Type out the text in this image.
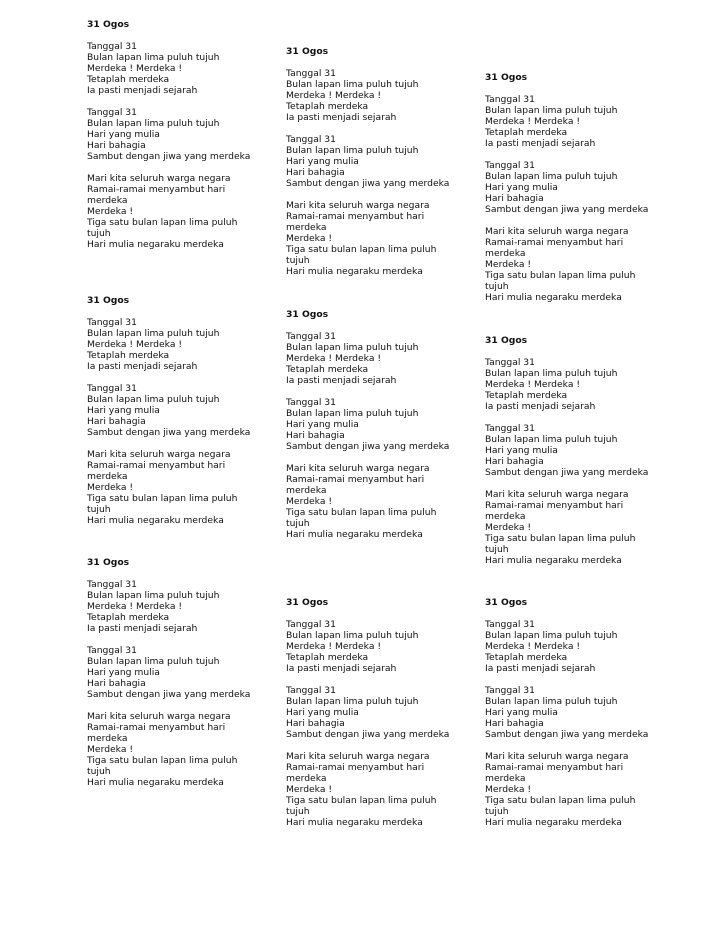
31 Ogos
Tanggal 31
Bulan lapan lima puluh tujuh
Merdeka ! Merdeka !
Tetaplah merdeka
Ia pasti menjadi sejarah
Tanggal 31
Bulan lapan lima puluh tujuh
Hari yang mulia
Hari bahagia
Sambut dengan jiwa yang merdeka
Mari kita seluruh warga negara
Ramai-ramai menyambut hari
merdeka
Merdeka !
Tiga satu bulan lapan lima puluh
tujuh
Hari mulia negaraku merdeka
31 Ogos
Tanggal 31
Bulan lapan lima puluh tujuh
Merdeka ! Merdeka !
Tetaplah merdeka
Ia pasti menjadi sejarah
Tanggal 31
Bulan lapan lima puluh tujuh
Hari yang mulia
Hari bahagia
Sambut dengan jiwa yang merdeka
Mari kita seluruh warga negara
Ramai-ramai menyambut hari
merdeka
Merdeka !
Tiga satu bulan lapan lima puluh
tujuh
Hari mulia negaraku merdeka
31 Ogos
Tanggal 31
Bulan lapan lima puluh tujuh
Merdeka ! Merdeka !
Tetaplah merdeka
Ia pasti menjadi sejarah
Tanggal 31
Bulan lapan lima puluh tujuh
Hari yang mulia
Hari bahagia
Sambut dengan jiwa yang merdeka
Mari kita seluruh warga negara
Ramai-ramai menyambut hari
merdeka
Merdeka !
Tiga satu bulan lapan lima puluh
tujuh
Hari mulia negaraku merdeka
31 Ogos
Tanggal 31
Bulan lapan lima puluh tujuh
Merdeka ! Merdeka !
Tetaplah merdeka
Ia pasti menjadi sejarah
Tanggal 31
Bulan lapan lima puluh tujuh
Hari yang mulia
Hari bahagia
Sambut dengan jiwa yang merdeka
Mari kita seluruh warga negara
Ramai-ramai menyambut hari
merdeka
Merdeka !
Tiga satu bulan lapan lima puluh
tujuh
Hari mulia negaraku merdeka
31 Ogos
Tanggal 31
Bulan lapan lima puluh tujuh
Merdeka ! Merdeka !
Tetaplah merdeka
Ia pasti menjadi sejarah
Tanggal 31
Bulan lapan lima puluh tujuh
Hari yang mulia
Hari bahagia
Sambut dengan jiwa yang merdeka
Mari kita seluruh warga negara
Ramai-ramai menyambut hari
merdeka
Merdeka !
Tiga satu bulan lapan lima puluh
tujuh
Hari mulia negaraku merdeka
31 Ogos
Tanggal 31
Bulan lapan lima puluh tujuh
Merdeka ! Merdeka !
Tetaplah merdeka
Ia pasti menjadi sejarah
Tanggal 31
Bulan lapan lima puluh tujuh
Hari yang mulia
Hari bahagia
Sambut dengan jiwa yang merdeka
Mari kita seluruh warga negara
Ramai-ramai menyambut hari
merdeka
Merdeka !
Tiga satu bulan lapan lima puluh
tujuh
Hari mulia negaraku merdeka
31 Ogos
Tanggal 31
Bulan lapan lima puluh tujuh
Merdeka ! Merdeka !
Tetaplah merdeka
Ia pasti menjadi sejarah
Tanggal 31
Bulan lapan lima puluh tujuh
Hari yang mulia
Hari bahagia
Sambut dengan jiwa yang merdeka
Mari kita seluruh warga negara
Ramai-ramai menyambut hari
merdeka
Merdeka !
Tiga satu bulan lapan lima puluh
tujuh
Hari mulia negaraku merdeka
31 Ogos
Tanggal 31
Bulan lapan lima puluh tujuh
Merdeka ! Merdeka !
Tetaplah merdeka
Ia pasti menjadi sejarah
Tanggal 31
Bulan lapan lima puluh tujuh
Hari yang mulia
Hari bahagia
Sambut dengan jiwa yang merdeka
Mari kita seluruh warga negara
Ramai-ramai menyambut hari
merdeka
Merdeka !
Tiga satu bulan lapan lima puluh
tujuh
Hari mulia negaraku merdeka
31 Ogos
Tanggal 31
Bulan lapan lima puluh tujuh
Merdeka ! Merdeka !
Tetaplah merdeka
Ia pasti menjadi sejarah
Tanggal 31
Bulan lapan lima puluh tujuh
Hari yang mulia
Hari bahagia
Sambut dengan jiwa yang merdeka
Mari kita seluruh warga negara
Ramai-ramai menyambut hari
merdeka
Merdeka !
Tiga satu bulan lapan lima puluh
tujuh
Hari mulia negaraku merdeka
